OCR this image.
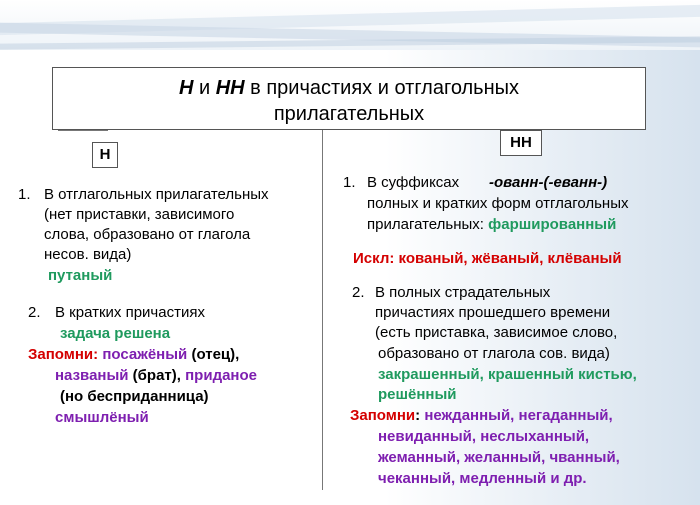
Н и НН в причастиях и отглагольных
прилагательных
Н
НН
1. В отглагольных прилагательных
(нет приставки, зависимого
слова, образовано от глагола
несов. вида)
путаный
2. В кратких причастиях
задача решена
Запомни: посажёный (отец),
названый (брат), приданое
(но бесприданница)
смышлёный
1. В суффиксах -ованн-(-еванн-)
полных и кратких форм отглагольных
прилагательных: фаршированный
Искл: кованый, жёваный, клёваный
2. В полных страдательных
причастиях прошедшего времени
(есть приставка, зависимое слово,
образовано от глагола сов. вида)
закрашенный, крашенный кистью,
решённый
Запомни: нежданный, негаданный,
невиданный, неслыханный,
жеманный, желанный, чванный,
чеканный, медленный и др.
